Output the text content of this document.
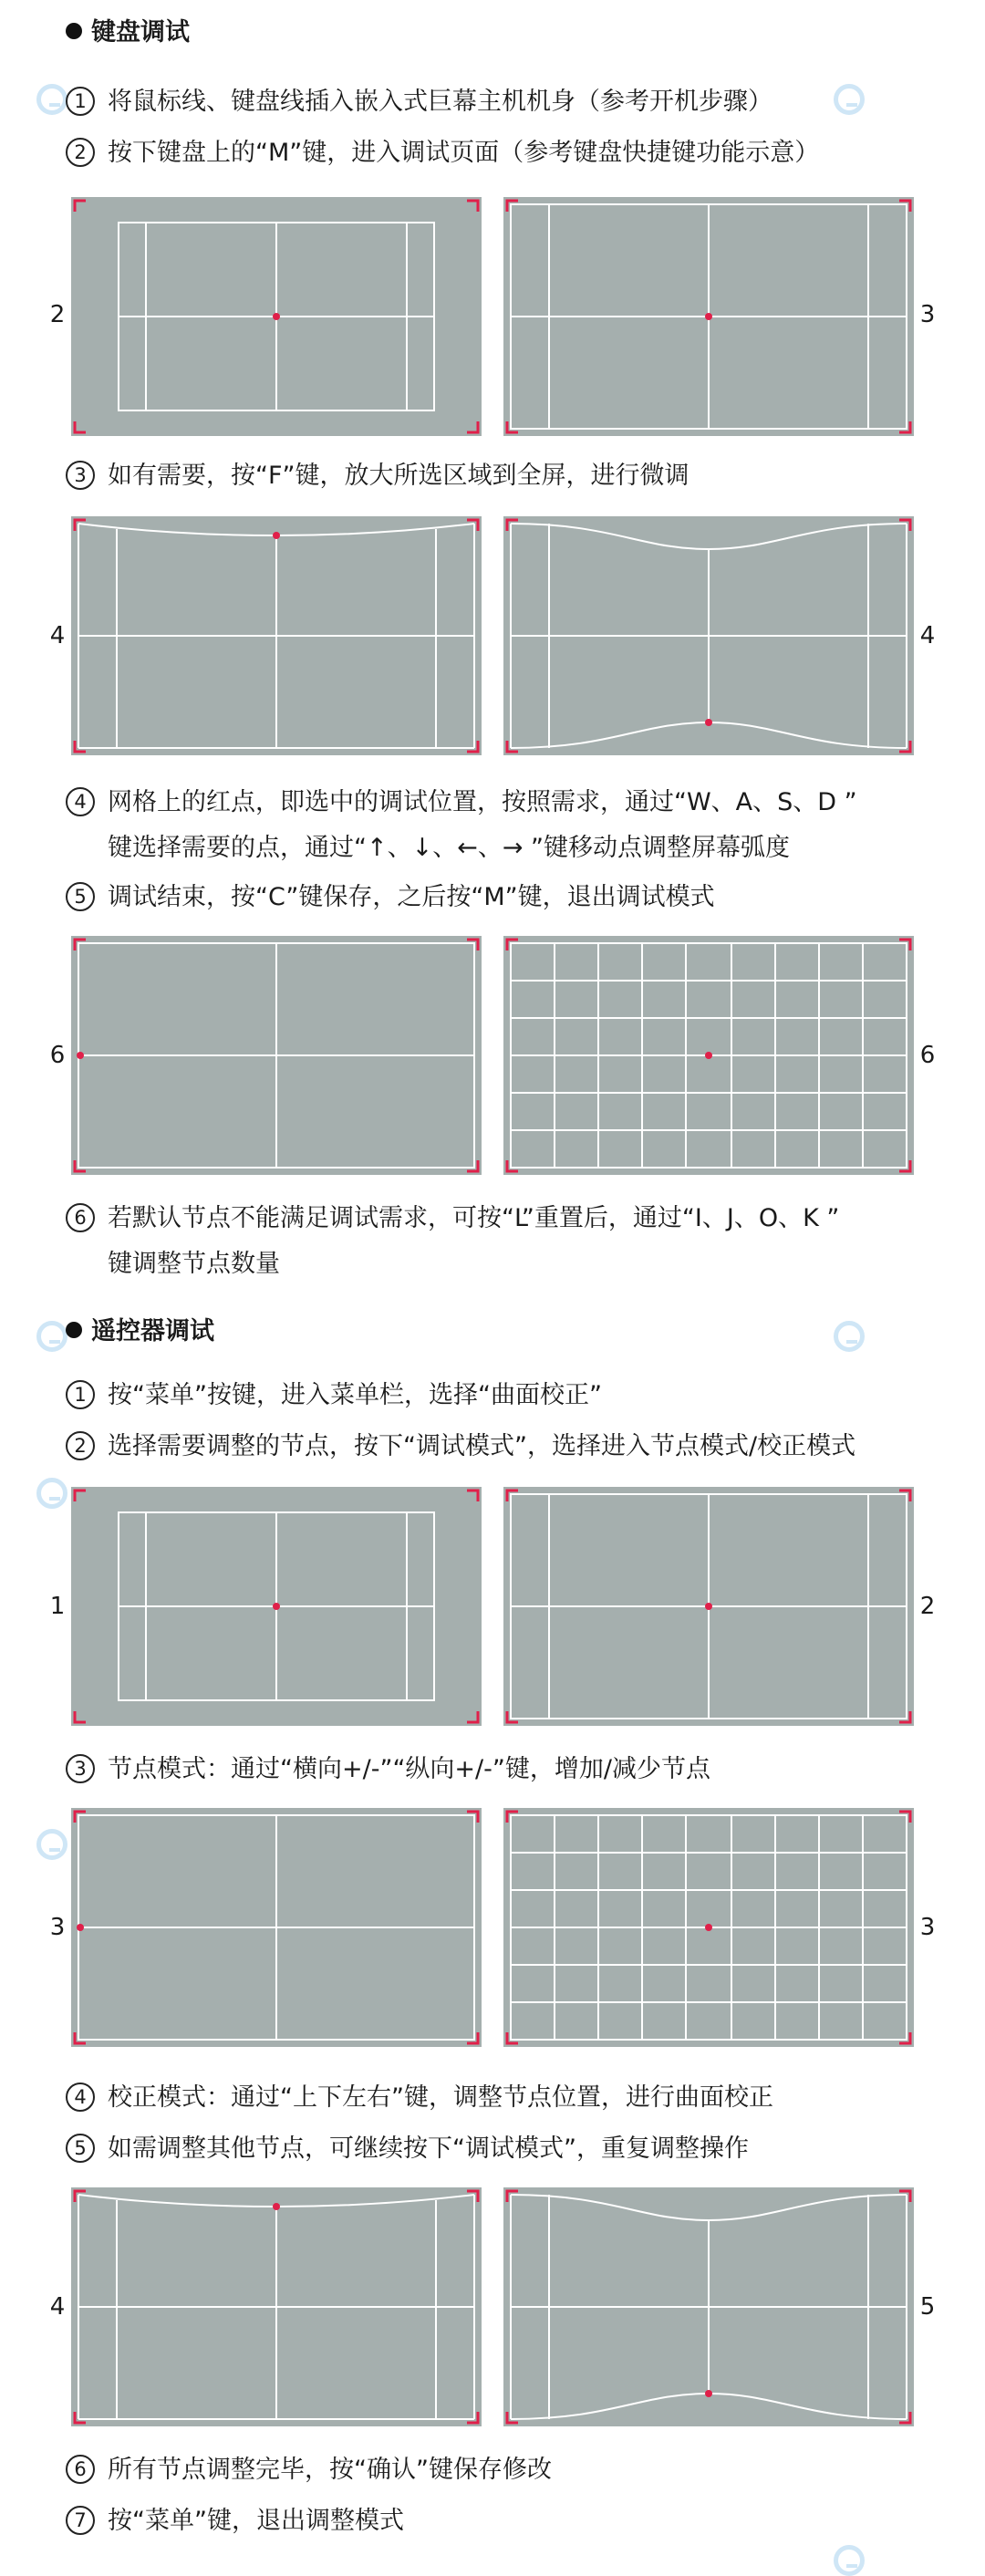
键盘调试
1 将鼠标线、键盘线插入嵌入式巨幕主机机身（参考开机步骤）
2 按下键盘上的“M”键，进入调试页面（参考键盘快捷键功能示意）
2	3
3 如有需要，按“F”键，放大所选区域到全屏，进行微调
4	4
4 网格上的红点，即选中的调试位置，按照需求，通过“W、A、S、D ”
键选择需要的点，通过“↑、↓、←、→ ”键移动点调整屏幕弧度
5 调试结束，按“C”键保存，之后按“M”键，退出调试模式
6	6
6 若默认节点不能满足调试需求，可按“L”重置后，通过“I、J、O、K ”
键调整节点数量
遥控器调试
1 按“菜单”按键，进入菜单栏，选择“曲面校正”
2 选择需要调整的节点，按下“调试模式”，选择进入节点模式/校正模式
1	2
3 节点模式：通过“横向+/-”“纵向+/-”键，增加/减少节点
3	3
4 校正模式：通过“上下左右”键，调整节点位置，进行曲面校正
5 如需调整其他节点，可继续按下“调试模式”，重复调整操作
4	5
6 所有节点调整完毕，按“确认”键保存修改
7 按“菜单”键，退出调整模式
